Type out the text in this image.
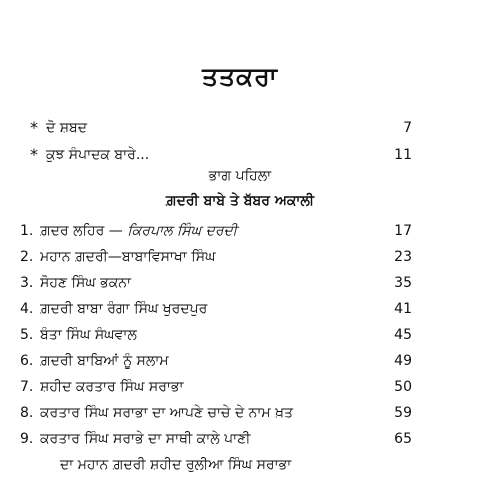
ਤਤਕਰਾ
* ਦੋ ਸ਼ਬਦ	7
* ਕੁਝ ਸੰਪਾਦਕ ਬਾਰੇ...	11
ਭਾਗ ਪਹਿਲਾ
ਗ਼ਦਰੀ ਬਾਬੇ ਤੇ ਬੱਬਰ ਅਕਾਲੀ
1. ਗ਼ਦਰ ਲਹਿਰ — ਕਿਰਪਾਲ ਸਿੰਘ ਦਰਦੀ	17
2. ਮਹਾਨ ਗ਼ਦਰੀ—ਬਾਬਾਵਿਸਾਖਾ ਸਿੰਘ	23
3. ਸੋਹਣ ਸਿੰਘ ਭਕਨਾ	35
4. ਗ਼ਦਰੀ ਬਾਬਾ ਰੰਗਾ ਸਿੰਘ ਖੁਰਦਪੁਰ	41
5. ਬੰਤਾ ਸਿੰਘ ਸੰਘਵਾਲ	45
6. ਗ਼ਦਰੀ ਬਾਬਿਆਂ ਨੂੰ ਸਲਾਮ	49
7. ਸ਼ਹੀਦ ਕਰਤਾਰ ਸਿੰਘ ਸਰਾਭਾ	50
8. ਕਰਤਾਰ ਸਿੰਘ ਸਰਾਭਾ ਦਾ ਆਪਣੇ ਚਾਚੇ ਦੇ ਨਾਮ ਖ਼ਤ	59
9. ਕਰਤਾਰ ਸਿੰਘ ਸਰਾਭੇ ਦਾ ਸਾਥੀ ਕਾਲੇ ਪਾਣੀ	65
ਦਾ ਮਹਾਨ ਗ਼ਦਰੀ ਸ਼ਹੀਦ ਰੁਲੀਆ ਸਿੰਘ ਸਰਾਭਾ
